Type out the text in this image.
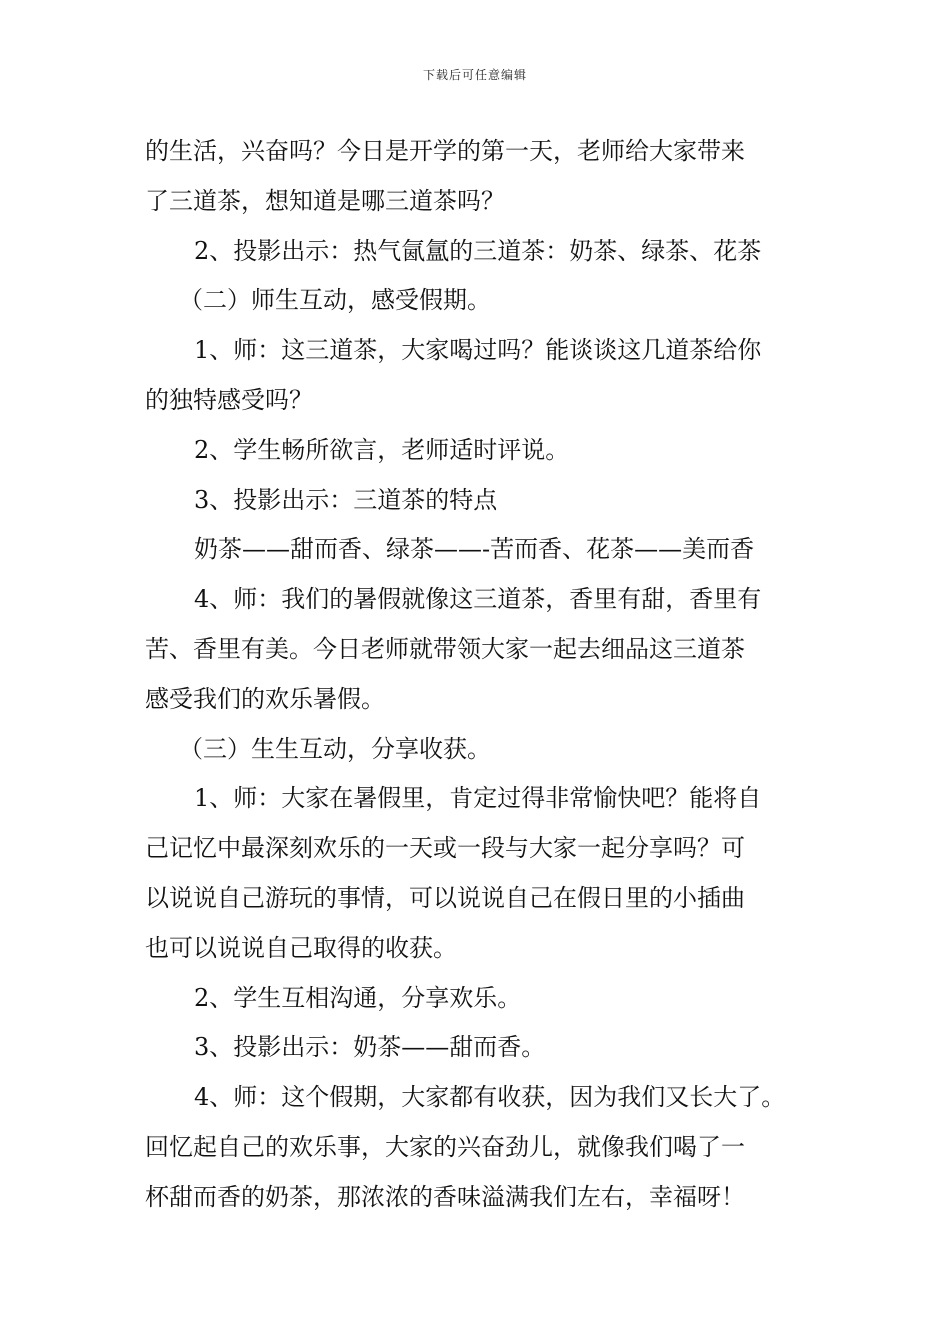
下载后可任意编辑
的生活，兴奋吗？今日是开学的第一天，老师给大家带来
了三道茶，想知道是哪三道茶吗？
2、投影出示：热气氤氲的三道茶：奶茶、绿茶、花茶
（二）师生互动，感受假期。
1、师：这三道茶，大家喝过吗？能谈谈这几道茶给你
的独特感受吗？
2、学生畅所欲言，老师适时评说。
3、投影出示：三道茶的特点
奶茶——甜而香、绿茶——-苦而香、花茶——美而香
4、师：我们的暑假就像这三道茶，香里有甜，香里有
苦、香里有美。今日老师就带领大家一起去细品这三道茶
感受我们的欢乐暑假。
（三）生生互动，分享收获。
1、师：大家在暑假里，肯定过得非常愉快吧？能将自
己记忆中最深刻欢乐的一天或一段与大家一起分享吗？可
以说说自己游玩的事情，可以说说自己在假日里的小插曲
也可以说说自己取得的收获。
2、学生互相沟通，分享欢乐。
3、投影出示：奶茶——甜而香。
4、师：这个假期，大家都有收获，因为我们又长大了。
回忆起自己的欢乐事，大家的兴奋劲儿，就像我们喝了一
杯甜而香的奶茶，那浓浓的香味溢满我们左右，幸福呀！
